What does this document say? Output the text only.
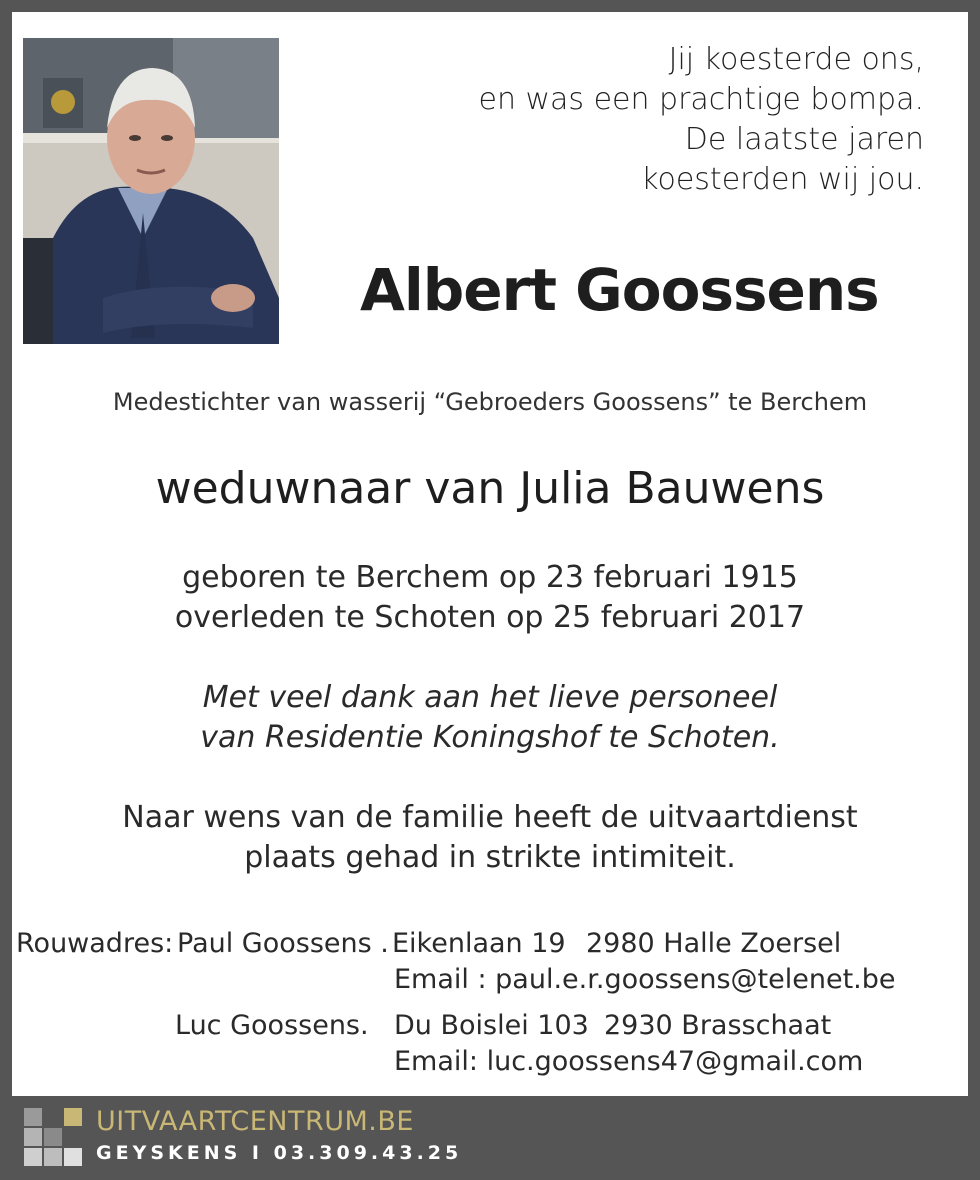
Jij koesterde ons,
en was een prachtige bompa.
De laatste jaren
koesterden wij jou.
Albert Goossens
Medestichter van wasserij “Gebroeders Goossens” te Berchem
weduwnaar van Julia Bauwens
geboren te Berchem op 23 februari 1915
overleden te Schoten op 25 februari 2017
Met veel dank aan het lieve personeel
van Residentie Koningshof te Schoten.
Naar wens van de familie heeft de uitvaartdienst
plaats gehad in strikte intimiteit.
Rouwadres: Paul Goossens . Eikenlaan 19 2980 Halle Zoersel
Email : paul.e.r.goossens@telenet.be
Luc Goossens. Du Boislei 103 2930 Brasschaat
Email: luc.goossens47@gmail.com
UITVAARTCENTRUM.BE
GEYSKENS I 03.309.43.25
